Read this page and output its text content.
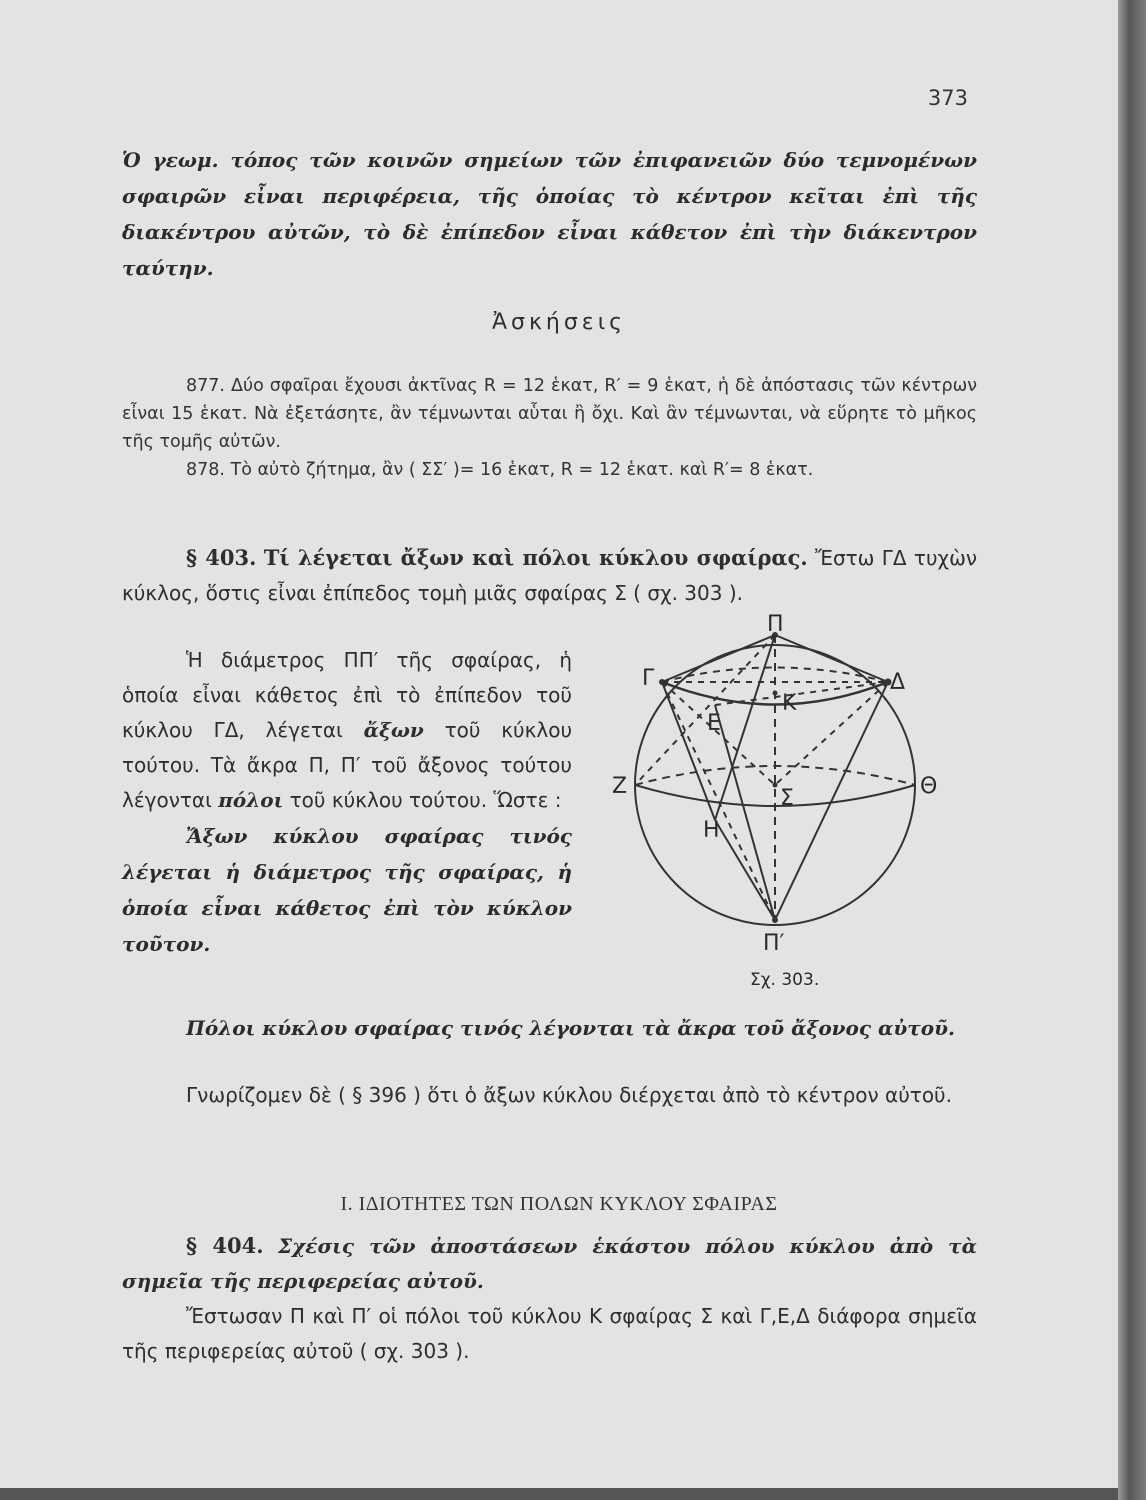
373
Ὁ γεωμ. τόπος τῶν κοινῶν σημείων τῶν ἐπιφανειῶν δύο τεμνομένων σφαιρῶν εἶναι περιφέρεια, τῆς ὁποίας τὸ κέντρον κεῖται ἐπὶ τῆς διακέντρου αὐτῶν, τὸ δὲ ἐπίπεδον εἶναι κάθετον ἐπὶ τὴν διάκεντρον ταύτην.
Ἀσκήσεις

877. Δύο σφαῖραι ἔχουσι ἀκτῖνας R = 12 ἑκατ, R′ = 9 ἑκατ, ἡ δὲ ἀπόστασις τῶν κέντρων εἶναι 15 ἑκατ. Νὰ ἐξετάσητε, ἂν τέμνωνται αὗται ἢ ὄχι. Καὶ ἂν τέμνωνται, νὰ εὕρητε τὸ μῆκος τῆς τομῆς αὐτῶν.

878. Τὸ αὐτὸ ζήτημα, ἂν ( ΣΣ′ )= 16 ἑκατ, R = 12 ἑκατ. καὶ R′= 8 ἑκατ.

§ 403. Τί λέγεται ἄξων καὶ πόλοι κύκλου σφαίρας. Ἔστω ΓΔ τυχὼν κύκλος, ὅστις εἶναι ἐπίπεδος τομὴ μιᾶς σφαίρας Σ ( σχ. 303 ).

Ἡ διάμετρος ΠΠ′ τῆς σφαίρας, ἡ ὁποία εἶναι κάθετος ἐπὶ τὸ ἐπίπεδον τοῦ κύκλου ΓΔ, λέγεται ἄξων τοῦ κύκλου τούτου. Τὰ ἄκρα Π, Π′ τοῦ ἄξονος τούτου λέγονται πόλοι τοῦ κύκλου τούτου. Ὥστε :

Ἄξων κύκλου σφαίρας τινός λέγεται ἡ διάμετρος τῆς σφαίρας, ἡ ὁποία εἶναι κάθετος ἐπὶ τὸν κύκλον τοῦτον.

Πόλοι κύκλου σφαίρας τινός λέγονται τὰ ἄκρα τοῦ ἄξονος αὐτοῦ.
Γνωρίζομεν δὲ ( § 396 ) ὅτι ὁ ἄξων κύκλου διέρχεται ἀπὸ τὸ κέντρον αὐτοῦ.
Ι. ΙΔΙΟΤΗΤΕΣ ΤΩΝ ΠΟΛΩΝ ΚΥΚΛΟΥ ΣΦΑΙΡΑΣ

§ 404. Σχέσις τῶν ἀποστάσεων ἑκάστου πόλου κύκλου ἀπὸ τὰ σημεῖα τῆς περιφερείας αὐτοῦ.

Ἔστωσαν Π καὶ Π′ οἱ πόλοι τοῦ κύκλου Κ σφαίρας Σ καὶ Γ,Ε,Δ διάφορα σημεῖα τῆς περιφερείας αὐτοῦ ( σχ. 303 ).

Π
Π′
Γ	Δ
Κ
Ε
Ζ	Θ
Σ
Η
Σχ. 303.
